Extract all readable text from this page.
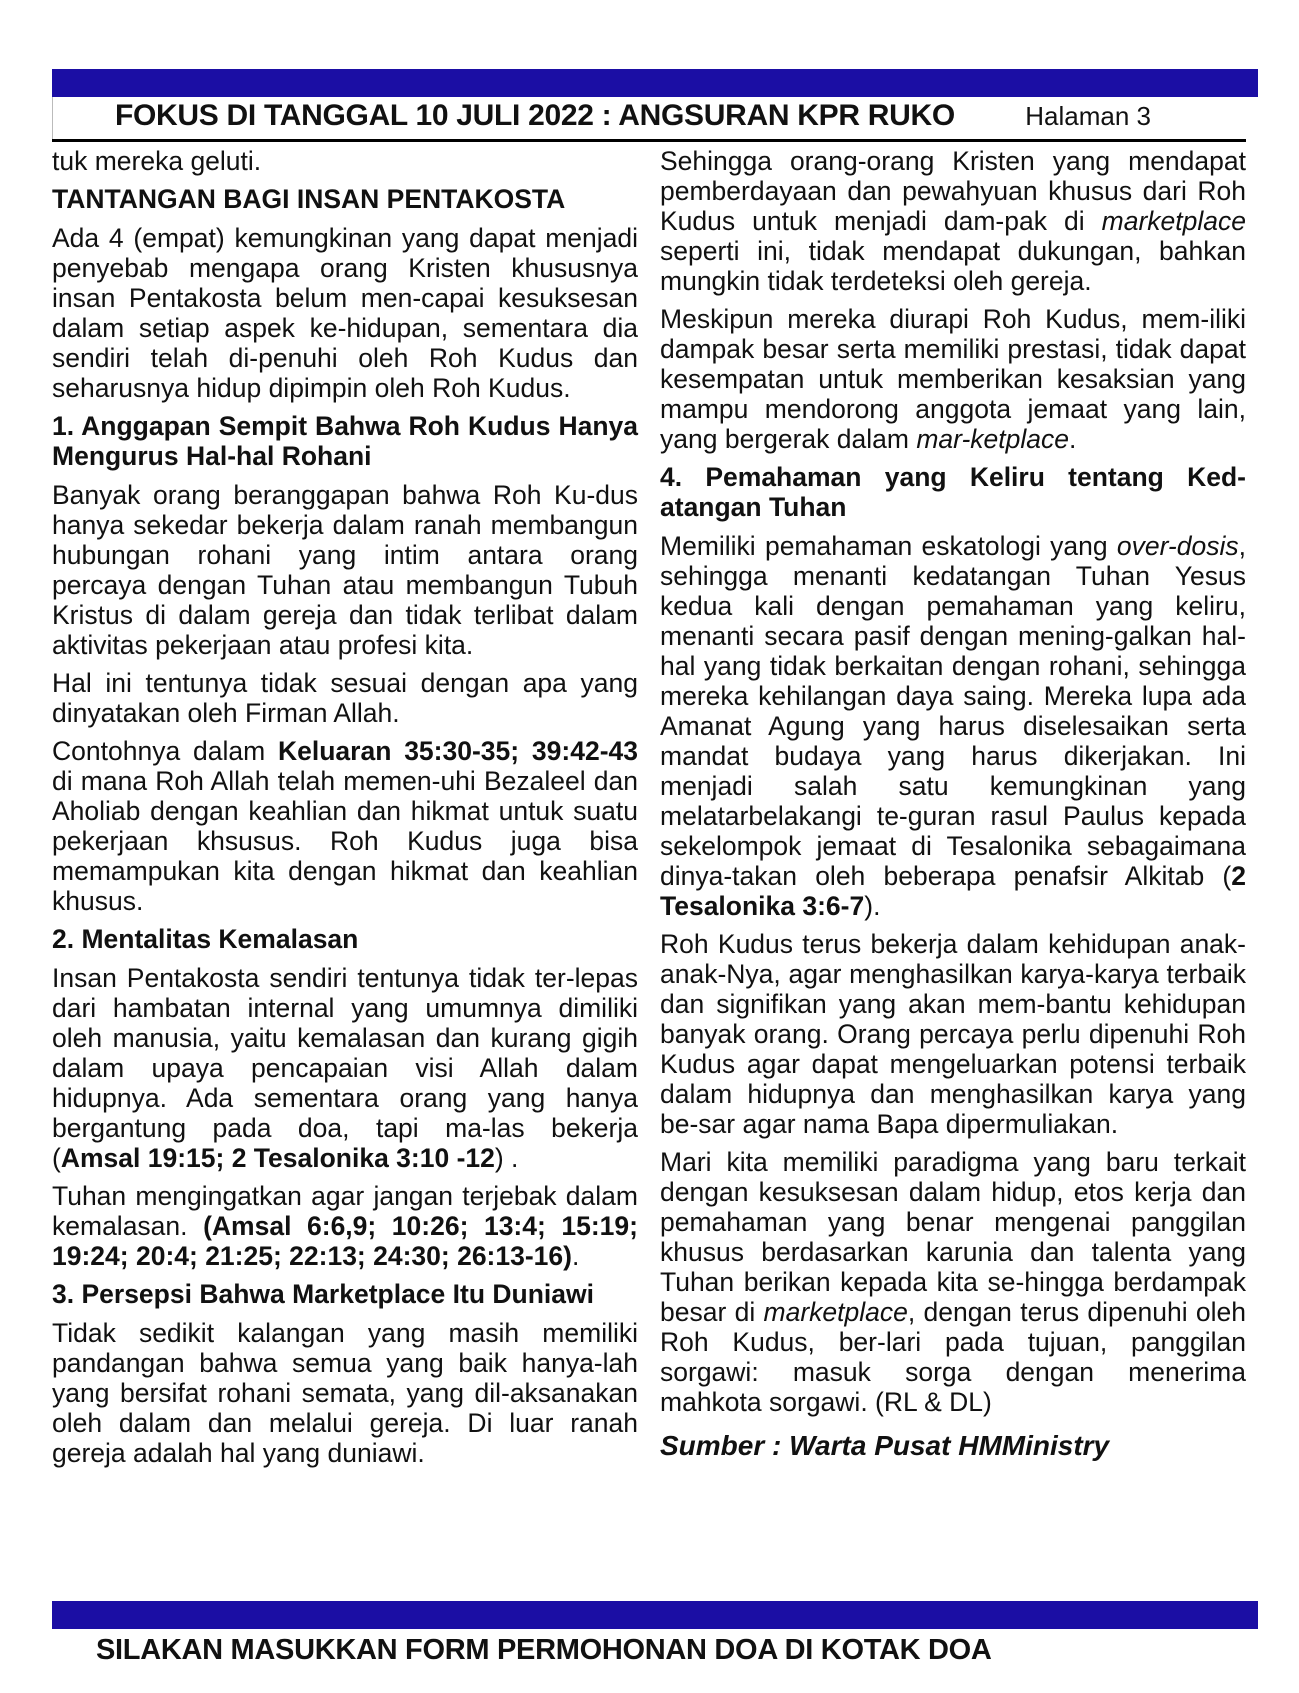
FOKUS DI TANGGAL 10 JULI 2022 : ANGSURAN KPR RUKO	Halaman 3
tuk mereka geluti.
TANTANGAN BAGI INSAN PENTAKOSTA
Ada 4 (empat) kemungkinan yang dapat menjadi penyebab mengapa orang Kristen khususnya insan Pentakosta belum men-capai kesuksesan dalam setiap aspek ke-hidupan, sementara dia sendiri telah di-penuhi oleh Roh Kudus dan seharusnya hidup dipimpin oleh Roh Kudus.
1. Anggapan Sempit Bahwa Roh Kudus Hanya Mengurus Hal-hal Rohani
Banyak orang beranggapan bahwa Roh Ku-dus hanya sekedar bekerja dalam ranah membangun hubungan rohani yang intim antara orang percaya dengan Tuhan atau membangun Tubuh Kristus di dalam gereja dan tidak terlibat dalam aktivitas pekerjaan atau profesi kita.
Hal ini tentunya tidak sesuai dengan apa yang dinyatakan oleh Firman Allah.
Contohnya dalam Keluaran 35:30-35; 39:42-43 di mana Roh Allah telah memen-uhi Bezaleel dan Aholiab dengan keahlian dan hikmat untuk suatu pekerjaan khsusus. Roh Kudus juga bisa memampukan kita dengan hikmat dan keahlian khusus.
2. Mentalitas Kemalasan
Insan Pentakosta sendiri tentunya tidak ter-lepas dari hambatan internal yang umumnya dimiliki oleh manusia, yaitu kemalasan dan kurang gigih dalam upaya pencapaian visi Allah dalam hidupnya. Ada sementara orang yang hanya bergantung pada doa, tapi ma-las bekerja (Amsal 19:15; 2 Tesalonika 3:10 -12) .
Tuhan mengingatkan agar jangan terjebak dalam kemalasan. (Amsal 6:6,9; 10:26; 13:4; 15:19; 19:24; 20:4; 21:25; 22:13; 24:30; 26:13-16).
3. Persepsi Bahwa Marketplace Itu Duniawi
Tidak sedikit kalangan yang masih memiliki pandangan bahwa semua yang baik hanya-lah yang bersifat rohani semata, yang dil-aksanakan oleh dalam dan melalui gereja. Di luar ranah gereja adalah hal yang duniawi.
Sehingga orang-orang Kristen yang mendapat pemberdayaan dan pewahyuan khusus dari Roh Kudus untuk menjadi dam-pak di marketplace seperti ini, tidak mendapat dukungan, bahkan mungkin tidak terdeteksi oleh gereja.
Meskipun mereka diurapi Roh Kudus, mem-iliki dampak besar serta memiliki prestasi, tidak dapat kesempatan untuk memberikan kesaksian yang mampu mendorong anggota jemaat yang lain, yang bergerak dalam mar-ketplace.
4. Pemahaman yang Keliru tentang Ked-atangan Tuhan
Memiliki pemahaman eskatologi yang over-dosis, sehingga menanti kedatangan Tuhan Yesus kedua kali dengan pemahaman yang keliru, menanti secara pasif dengan mening-galkan hal-hal yang tidak berkaitan dengan rohani, sehingga mereka kehilangan daya saing. Mereka lupa ada Amanat Agung yang harus diselesaikan serta mandat budaya yang harus dikerjakan. Ini menjadi salah satu kemungkinan yang melatarbelakangi te-guran rasul Paulus kepada sekelompok jemaat di Tesalonika sebagaimana dinya-takan oleh beberapa penafsir Alkitab (2 Tesalonika 3:6-7).
Roh Kudus terus bekerja dalam kehidupan anak-anak-Nya, agar menghasilkan karya-karya terbaik dan signifikan yang akan mem-bantu kehidupan banyak orang. Orang percaya perlu dipenuhi Roh Kudus agar dapat mengeluarkan potensi terbaik dalam hidupnya dan menghasilkan karya yang be-sar agar nama Bapa dipermuliakan.
Mari kita memiliki paradigma yang baru terkait dengan kesuksesan dalam hidup, etos kerja dan pemahaman yang benar mengenai panggilan khusus berdasarkan karunia dan talenta yang Tuhan berikan kepada kita se-hingga berdampak besar di marketplace, dengan terus dipenuhi oleh Roh Kudus, ber-lari pada tujuan, panggilan sorgawi: masuk sorga dengan menerima mahkota sorgawi. (RL & DL)
Sumber : Warta Pusat HMMinistry
SILAKAN MASUKKAN FORM PERMOHONAN DOA DI KOTAK DOA
